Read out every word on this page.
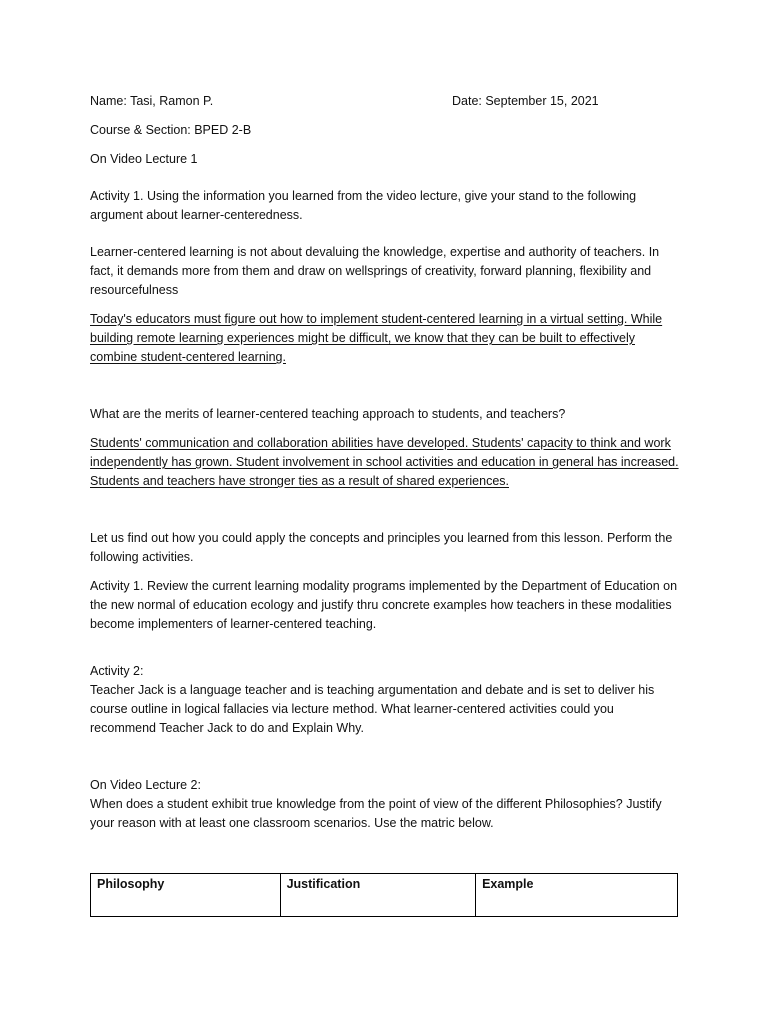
Name: Tasi, Ramon P.	Date: September 15, 2021

Course & Section: BPED 2-B

On Video Lecture 1

Activity 1. Using the information you learned from the video lecture, give your stand to the following argument about learner-centeredness.

Learner-centered learning is not about devaluing the knowledge, expertise and authority of teachers. In fact, it demands more from them and draw on wellsprings of creativity, forward planning, flexibility and resourcefulness

Today's educators must figure out how to implement student-centered learning in a virtual setting. While building remote learning experiences might be difficult, we know that they can be built to effectively combine student-centered learning.

What are the merits of learner-centered teaching approach to students, and teachers?

Students' communication and collaboration abilities have developed. Students' capacity to think and work independently has grown. Student involvement in school activities and education in general has increased. Students and teachers have stronger ties as a result of shared experiences.

Let us find out how you could apply the concepts and principles you learned from this lesson. Perform the following activities.

Activity 1. Review the current learning modality programs implemented by the Department of Education on the new normal of education ecology and justify thru concrete examples how teachers in these modalities become implementers of learner-centered teaching.

Activity 2:

Teacher Jack is a language teacher and is teaching argumentation and debate and is set to deliver his course outline in logical fallacies via lecture method. What learner-centered activities could you recommend Teacher Jack to do and Explain Why.

On Video Lecture 2:

When does a student exhibit true knowledge from the point of view of the different Philosophies? Justify your reason with at least one classroom scenarios. Use the matric below.

Philosophy	Justification	Example
